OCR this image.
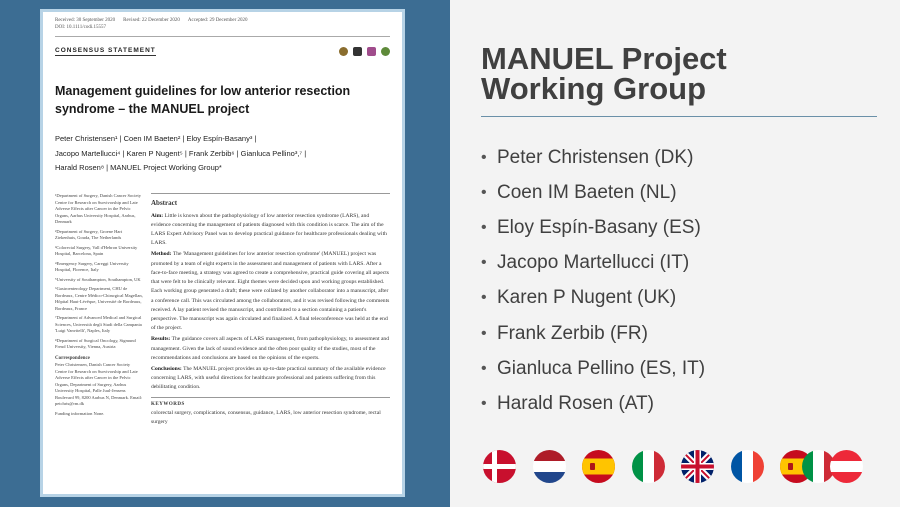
Received: 30 September 2020 Revised: 22 December 2020 Accepted: 29 December 2020
DOI: 10.1111/codi.15557
CONSENSUS STATEMENT
Management guidelines for low anterior resection syndrome – the MANUEL project
Peter Christensen¹ | Coen IM Baeten² | Eloy Espín-Basany³ |
Jacopo Martellucci⁴ | Karen P Nugent⁵ | Frank Zerbib⁶ | Gianluca Pellino³,⁷ |
Harald Rosen⁸ | MANUEL Project Working Group*

¹Department of Surgery, Danish Cancer Society Centre for Research on Survivorship and Late Adverse Effects after Cancer in the Pelvic Organs, Aarhus University Hospital, Aarhus, Denmark

²Department of Surgery, Groene Hart Ziekenhuis, Gouda, The Netherlands

³Colorectal Surgery, Vall d'Hebron University Hospital, Barcelona, Spain

⁴Emergency Surgery, Careggi University Hospital, Florence, Italy

⁵University of Southampton, Southampton, UK

⁶Gastroenterology Department, CHU de Bordeaux, Centre Médico-Chirurgical Magellan, Hôpital Haut-Lévêque, Université de Bordeaux, Bordeaux, France

⁷Department of Advanced Medical and Surgical Sciences, Università degli Studi della Campania 'Luigi Vanvitelli', Naples, Italy

⁸Department of Surgical Oncology, Sigmund Freud University, Vienna, Austria

Correspondence

Peter Christensen, Danish Cancer Society Centre for Research on Survivorship and Late Adverse Effects after Cancer in the Pelvic Organs, Department of Surgery, Aarhus University Hospital, Palle Juul-Jensens Boulevard 99, 8200 Aarhus N, Denmark. Email: petchris@rm.dk

Funding information None.

Abstract

Aim: Little is known about the pathophysiology of low anterior resection syndrome (LARS), and evidence concerning the management of patients diagnosed with this condition is scarce. The aim of the LARS Expert Advisory Panel was to develop practical guidance for healthcare professionals dealing with LARS.

Method: The 'Management guidelines for low anterior resection syndrome' (MANUEL) project was promoted by a team of eight experts in the assessment and management of patients with LARS. After a face-to-face meeting, a strategy was agreed to create a comprehensive, practical guide covering all aspects that were felt to be clinically relevant. Eight themes were decided upon and working groups established. Each working group generated a draft; these were collated by another collaborator into a manuscript, after a conference call. This was circulated among the collaborators, and it was revised following the comments received. A lay patient revised the manuscript, and contributed to a section containing a patient's perspective. The manuscript was again circulated and finalized. A final teleconference was held at the end of the project.

Results: The guidance covers all aspects of LARS management, from pathophysiology, to assessment and management. Given the lack of sound evidence and the often poor quality of the studies, most of the recommendations and conclusions are based on the opinions of the experts.

Conclusions: The MANUEL project provides an up-to-date practical summary of the available evidence concerning LARS, with useful directions for healthcare professional and patients suffering from this debilitating condition.

KEYWORDS
colorectal surgery, complications, consensus, guidance, LARS, low anterior resection syndrome, rectal surgery
MANUEL Project
Working Group
• Peter Christensen (DK)
• Coen IM Baeten (NL)
• Eloy Espín-Basany (ES)
• Jacopo Martellucci (IT)
• Karen P Nugent (UK)
• Frank Zerbib (FR)
• Gianluca Pellino (ES, IT)
• Harald Rosen (AT)
